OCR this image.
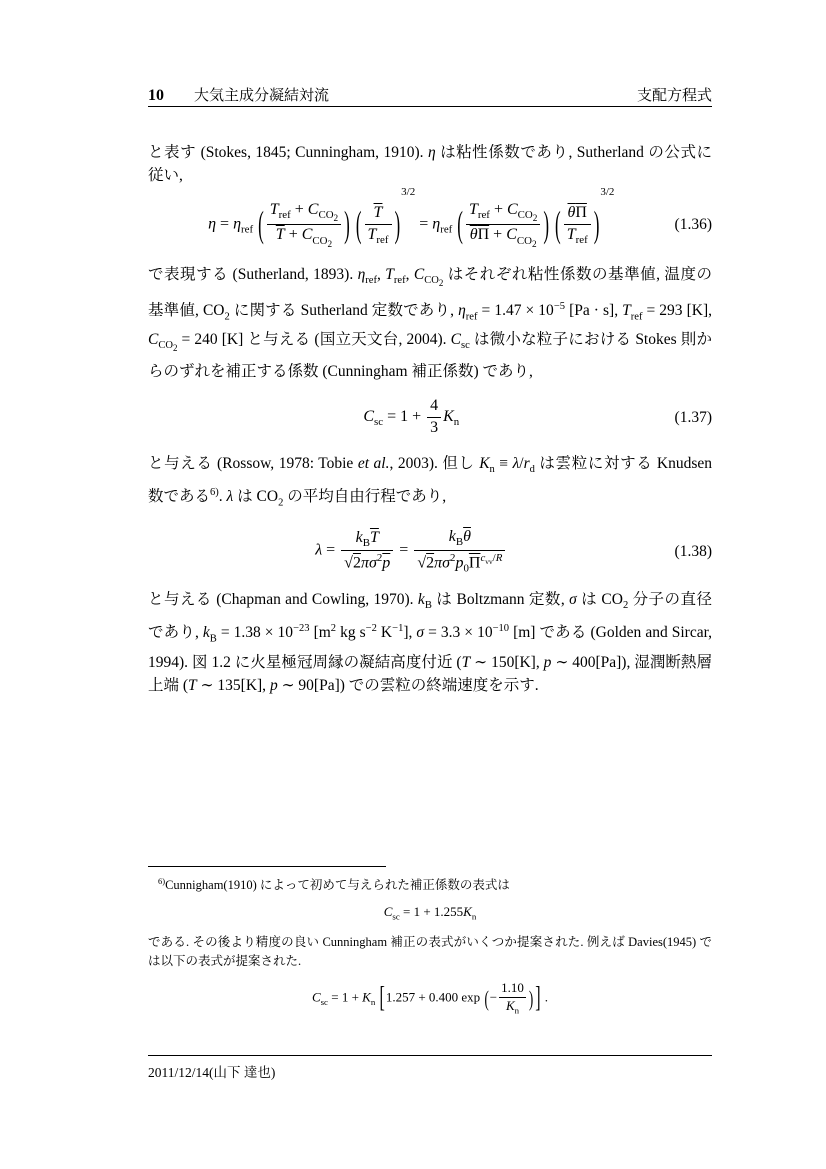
10 大気主成分凝結対流	支配方程式

と表す (Stokes, 1845; Cunningham, 1910). η は粘性係数であり, Sutherland の公式に従い,

$\eta = \eta_{ref}$ ( $\frac{T_{ref} + C_{CO_2}}{\overline{T} + C_{CO_2}}$ ) ( $\frac{\overline{T}}{T_{ref}} )^{3/2} = \eta_{ref}$ ( $\frac{T_{ref} + C_{CO_2}}{\theta\Pi + C_{CO_2}}$ ) ( $\frac{\theta\Pi}{T_{ref}} )^{3/2}$
(1.36)

で表現する (Sutherland, 1893). $\eta_{ref}$, $T_{ref}$, $C_{CO_2}$ はそれぞれ粘性係数の基準値, 温度の基準値, $CO_2$ に関する Sutherland 定数であり, $\eta_{ref} = 1.47 \times 10^{-5}$ [Pa · s], $T_{ref} = 293$ [K], $C_{CO_2} = 240$ [K] と与える (国立天文台, 2004). $C_{sc}$ は微小な粒子における Stokes 則からのずれを補正する係数 (Cunningham 補正係数) であり,

$C_{sc} = 1 + \frac{4}{3} K_n$	(1.37)

と与える (Rossow, 1978: Tobie et al., 2003). 但し $K_n \equiv \lambda/r_d$ は雲粒に対する Knudsen 数である$^{6)}$. λ は $CO_2$ の平均自由行程であり,

$\lambda = \frac{k_B\overline{T}}{√2\pi\sigma^2\overline{p}} = \frac{k_B\overline{\theta}}{√2\pi\sigma^2p_0\overline{\Pi}^{c_{vv}/R}}$	(1.38)

と与える (Chapman and Cowling, 1970). $k_B$ は Boltzmann 定数, σ は $CO_2$ 分子の直径であり, $k_B = 1.38 \times 10^{-23}$ [$m^2$ kg $s^{-2}$ $K^{-1}$], $\sigma = 3.3 \times 10^{-10}$ [m] である (Golden and Sircar, 1994). 図 1.2 に火星極冠周縁の凝結高度付近 (T ∼ 150[K], p ∼ 400[Pa]), 湿潤断熱層上端 (T ∼ 135[K], p ∼ 90[Pa]) での雲粒の終端速度を示す.

$^{6)}$Cunnigham(1910) によって初めて与えられた補正係数の表式は

$C_{sc} = 1 + 1.255K_n$

である. その後より精度の良い Cunningham 補正の表式がいくつか提案された. 例えば Davies(1945) では以下の表式が提案された.

$C_{sc} = 1 + K_n$ [1.257 + 0.400 exp (− $\frac{1.10}{K_n}$ ) ] .
2011/12/14(山下 達也)
